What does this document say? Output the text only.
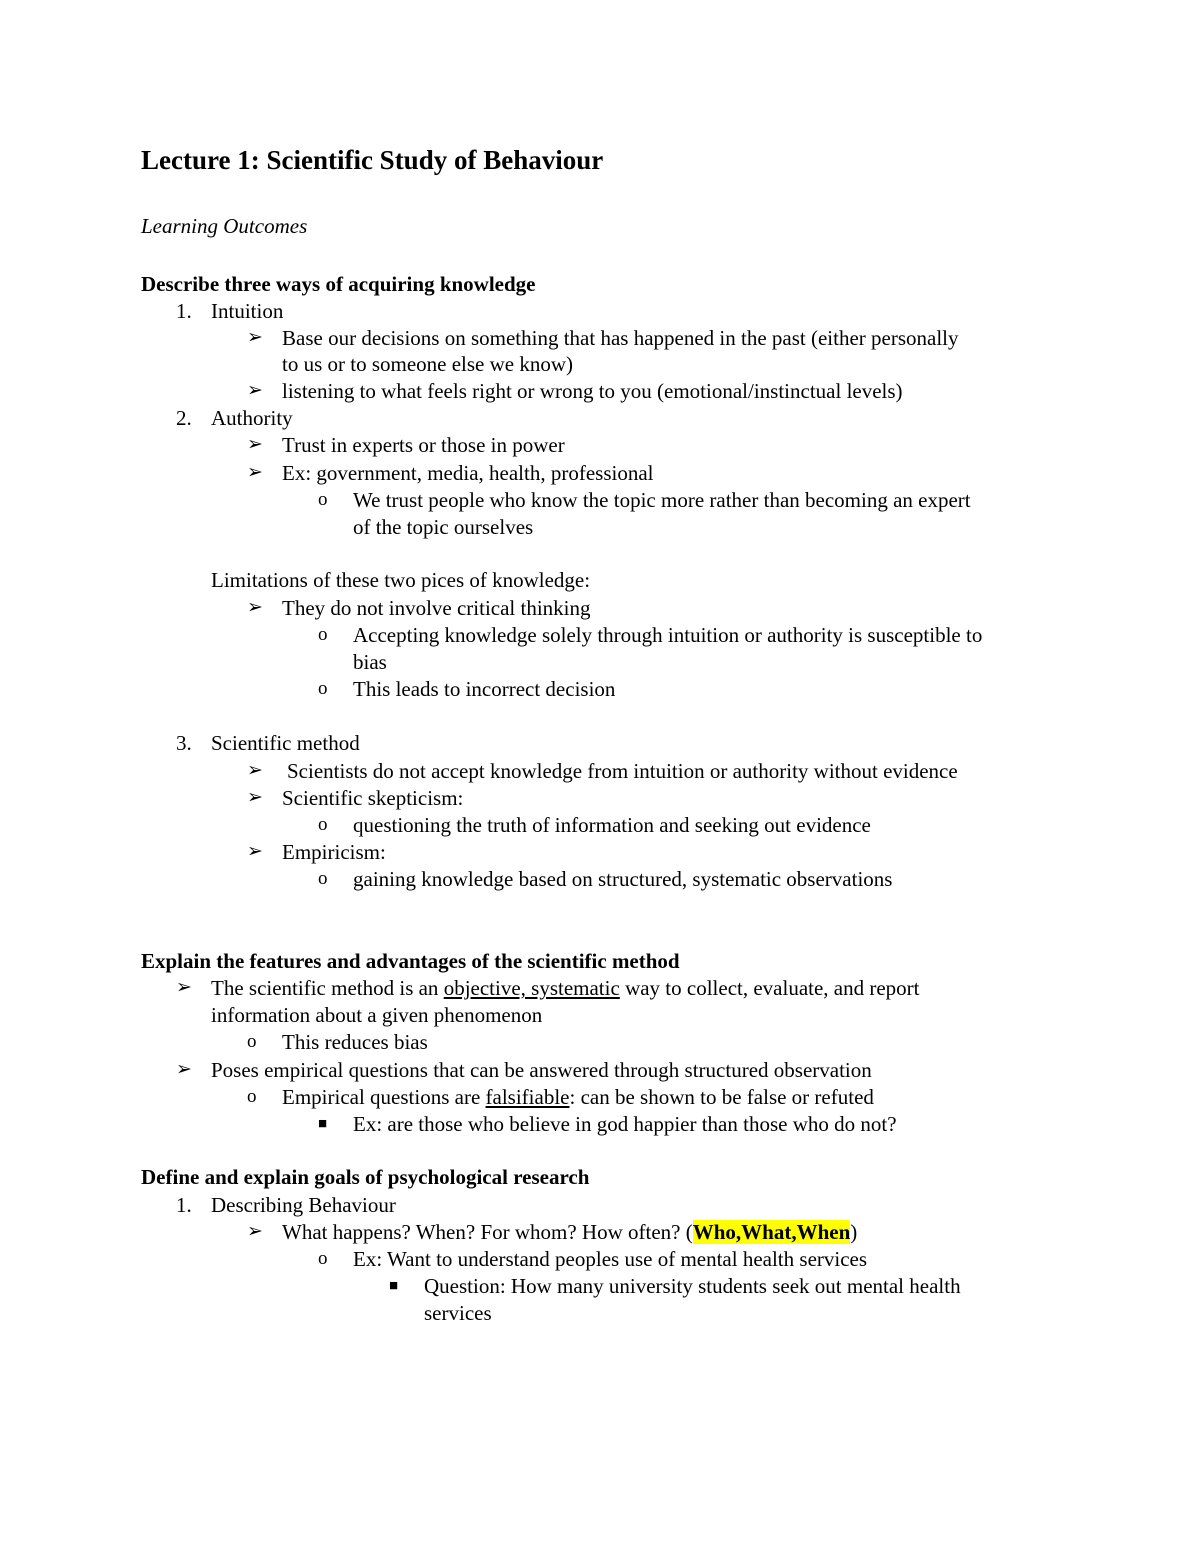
Lecture 1: Scientific Study of Behaviour
Learning Outcomes
Describe three ways of acquiring knowledge
1. Intuition
➢ Base our decisions on something that has happened in the past (either personally
to us or to someone else we know)
➢ listening to what feels right or wrong to you (emotional/instinctual levels)
2. Authority
➢ Trust in experts or those in power
➢ Ex: government, media, health, professional
o We trust people who know the topic more rather than becoming an expert
of the topic ourselves
Limitations of these two pices of knowledge:
➢ They do not involve critical thinking
o Accepting knowledge solely through intuition or authority is susceptible to
bias
o This leads to incorrect decision
3. Scientific method
➢ Scientists do not accept knowledge from intuition or authority without evidence
➢ Scientific skepticism:
o questioning the truth of information and seeking out evidence
➢ Empiricism:
o gaining knowledge based on structured, systematic observations
Explain the features and advantages of the scientific method
➢ The scientific method is an objective, systematic way to collect, evaluate, and report
information about a given phenomenon
o This reduces bias
➢ Poses empirical questions that can be answered through structured observation
o Empirical questions are falsifiable: can be shown to be false or refuted
■ Ex: are those who believe in god happier than those who do not?
Define and explain goals of psychological research
1. Describing Behaviour
➢ What happens? When? For whom? How often? (Who,What,When)
o Ex: Want to understand peoples use of mental health services
■ Question: How many university students seek out mental health
services
